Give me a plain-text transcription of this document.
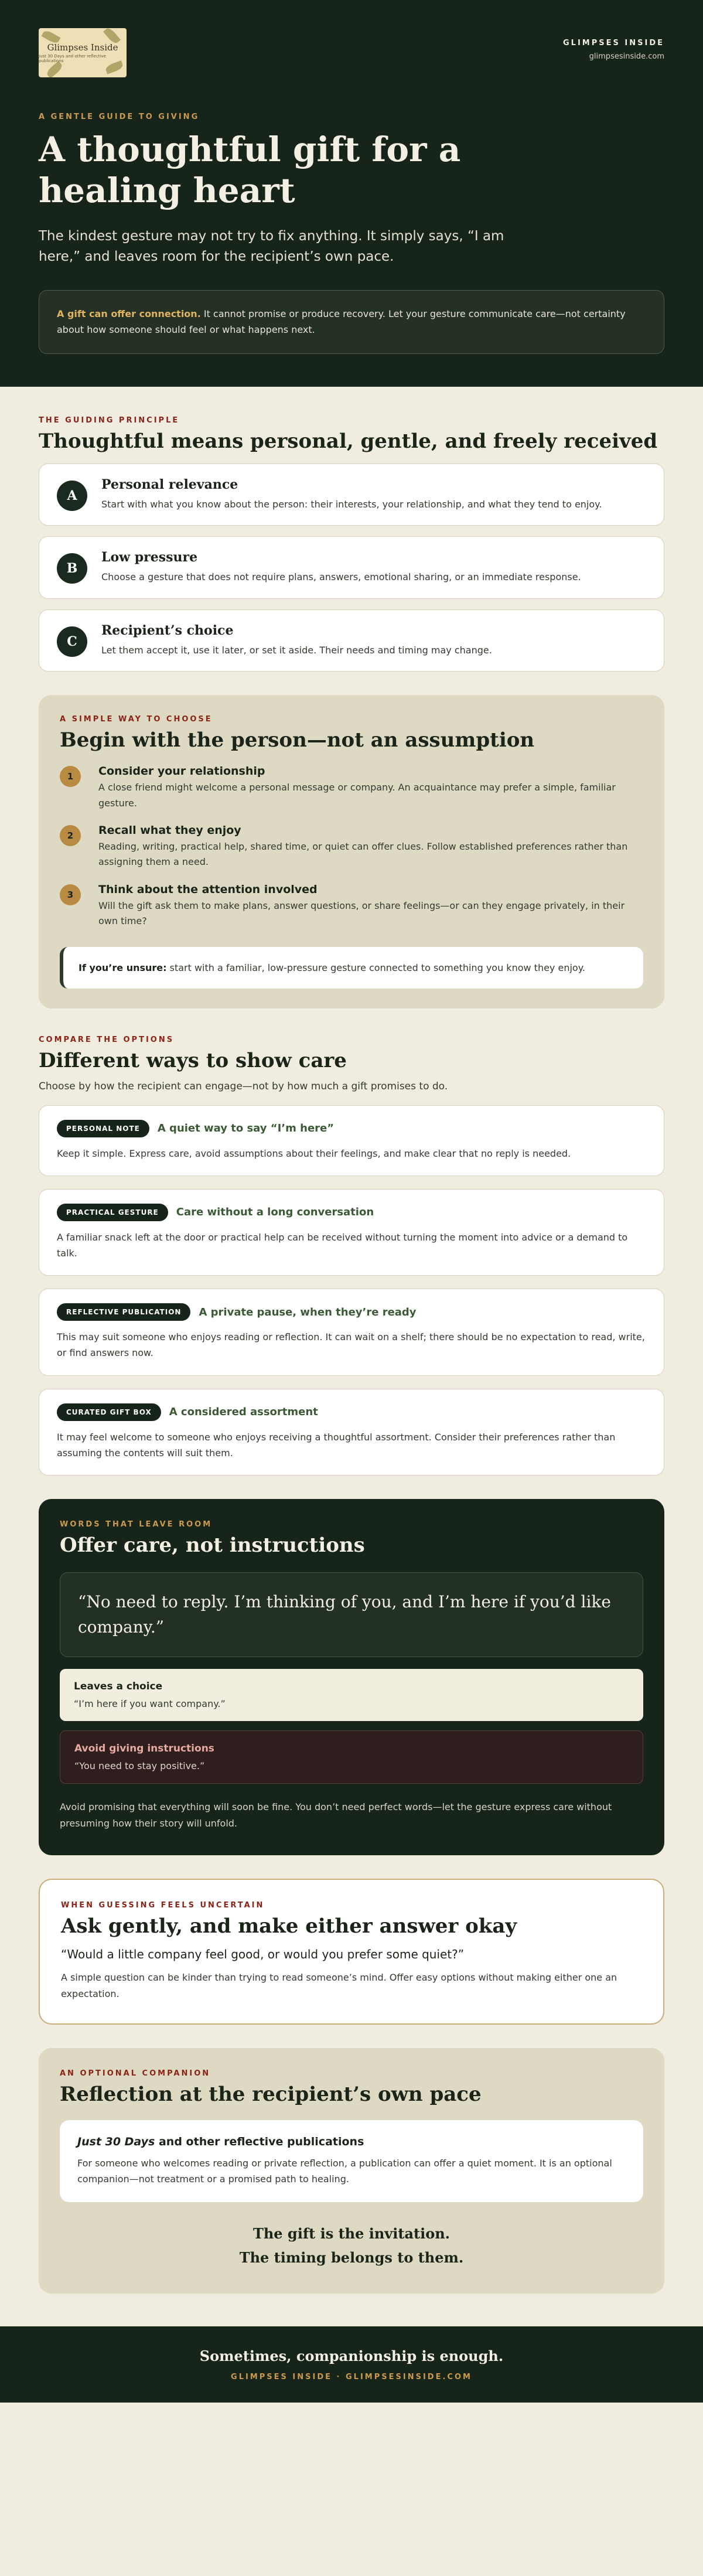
Glimpses Inside
Just 30 Days and other reflective publications
GLIMPSES INSIDE
glimpsesinside.com
A GENTLE GUIDE TO GIVING
A thoughtful gift for a healing heart

The kindest gesture may not try to fix anything. It simply says, “I am here,” and leaves room for the recipient’s own pace.

A gift can offer connection. It cannot promise or produce recovery. Let your gesture communicate care—not certainty about how someone should feel or what happens next.
THE GUIDING PRINCIPLE
Thoughtful means personal, gentle, and freely received
A
Personal relevance
Start with what you know about the person: their interests, your relationship, and what they tend to enjoy.
B
Low pressure
Choose a gesture that does not require plans, answers, emotional sharing, or an immediate response.
C
Recipient’s choice
Let them accept it, use it later, or set it aside. Their needs and timing may change.
A SIMPLE WAY TO CHOOSE
Begin with the person—not an assumption
1	Consider your relationship
A close friend might welcome a personal message or company. An acquaintance may prefer a simple, familiar gesture.
2	Recall what they enjoy
Reading, writing, practical help, shared time, or quiet can offer clues. Follow established preferences rather than assigning them a need.
3	Think about the attention involved
Will the gift ask them to make plans, answer questions, or share feelings—or can they engage privately, in their own time?
If you’re unsure: start with a familiar, low-pressure gesture connected to something you know they enjoy.
COMPARE THE OPTIONS
Different ways to show care

Choose by how the recipient can engage—not by how much a gift promises to do.

PERSONAL NOTE	A quiet way to say “I’m here”
Keep it simple. Express care, avoid assumptions about their feelings, and make clear that no reply is needed.
PRACTICAL GESTURE	Care without a long conversation
A familiar snack left at the door or practical help can be received without turning the moment into advice or a demand to talk.
REFLECTIVE PUBLICATION	A private pause, when they’re ready
This may suit someone who enjoys reading or reflection. It can wait on a shelf; there should be no expectation to read, write, or find answers now.
CURATED GIFT BOX	A considered assortment
It may feel welcome to someone who enjoys receiving a thoughtful assortment. Consider their preferences rather than assuming the contents will suit them.
WORDS THAT LEAVE ROOM
Offer care, not instructions
“No need to reply. I’m thinking of you, and I’m here if you’d like company.”
Leaves a choice
“I’m here if you want company.”
Avoid giving instructions
“You need to stay positive.”

Avoid promising that everything will soon be fine. You don’t need perfect words—let the gesture express care without presuming how their story will unfold.

WHEN GUESSING FEELS UNCERTAIN
Ask gently, and make either answer okay

“Would a little company feel good, or would you prefer some quiet?”

A simple question can be kinder than trying to read someone’s mind. Offer easy options without making either one an expectation.

AN OPTIONAL COMPANION
Reflection at the recipient’s own pace
Just 30 Days and other reflective publications
For someone who welcomes reading or private reflection, a publication can offer a quiet moment. It is an optional companion—not treatment or a promised path to healing.
The gift is the invitation.
The timing belongs to them.
Sometimes, companionship is enough.
GLIMPSES INSIDE · GLIMPSESINSIDE.COM
